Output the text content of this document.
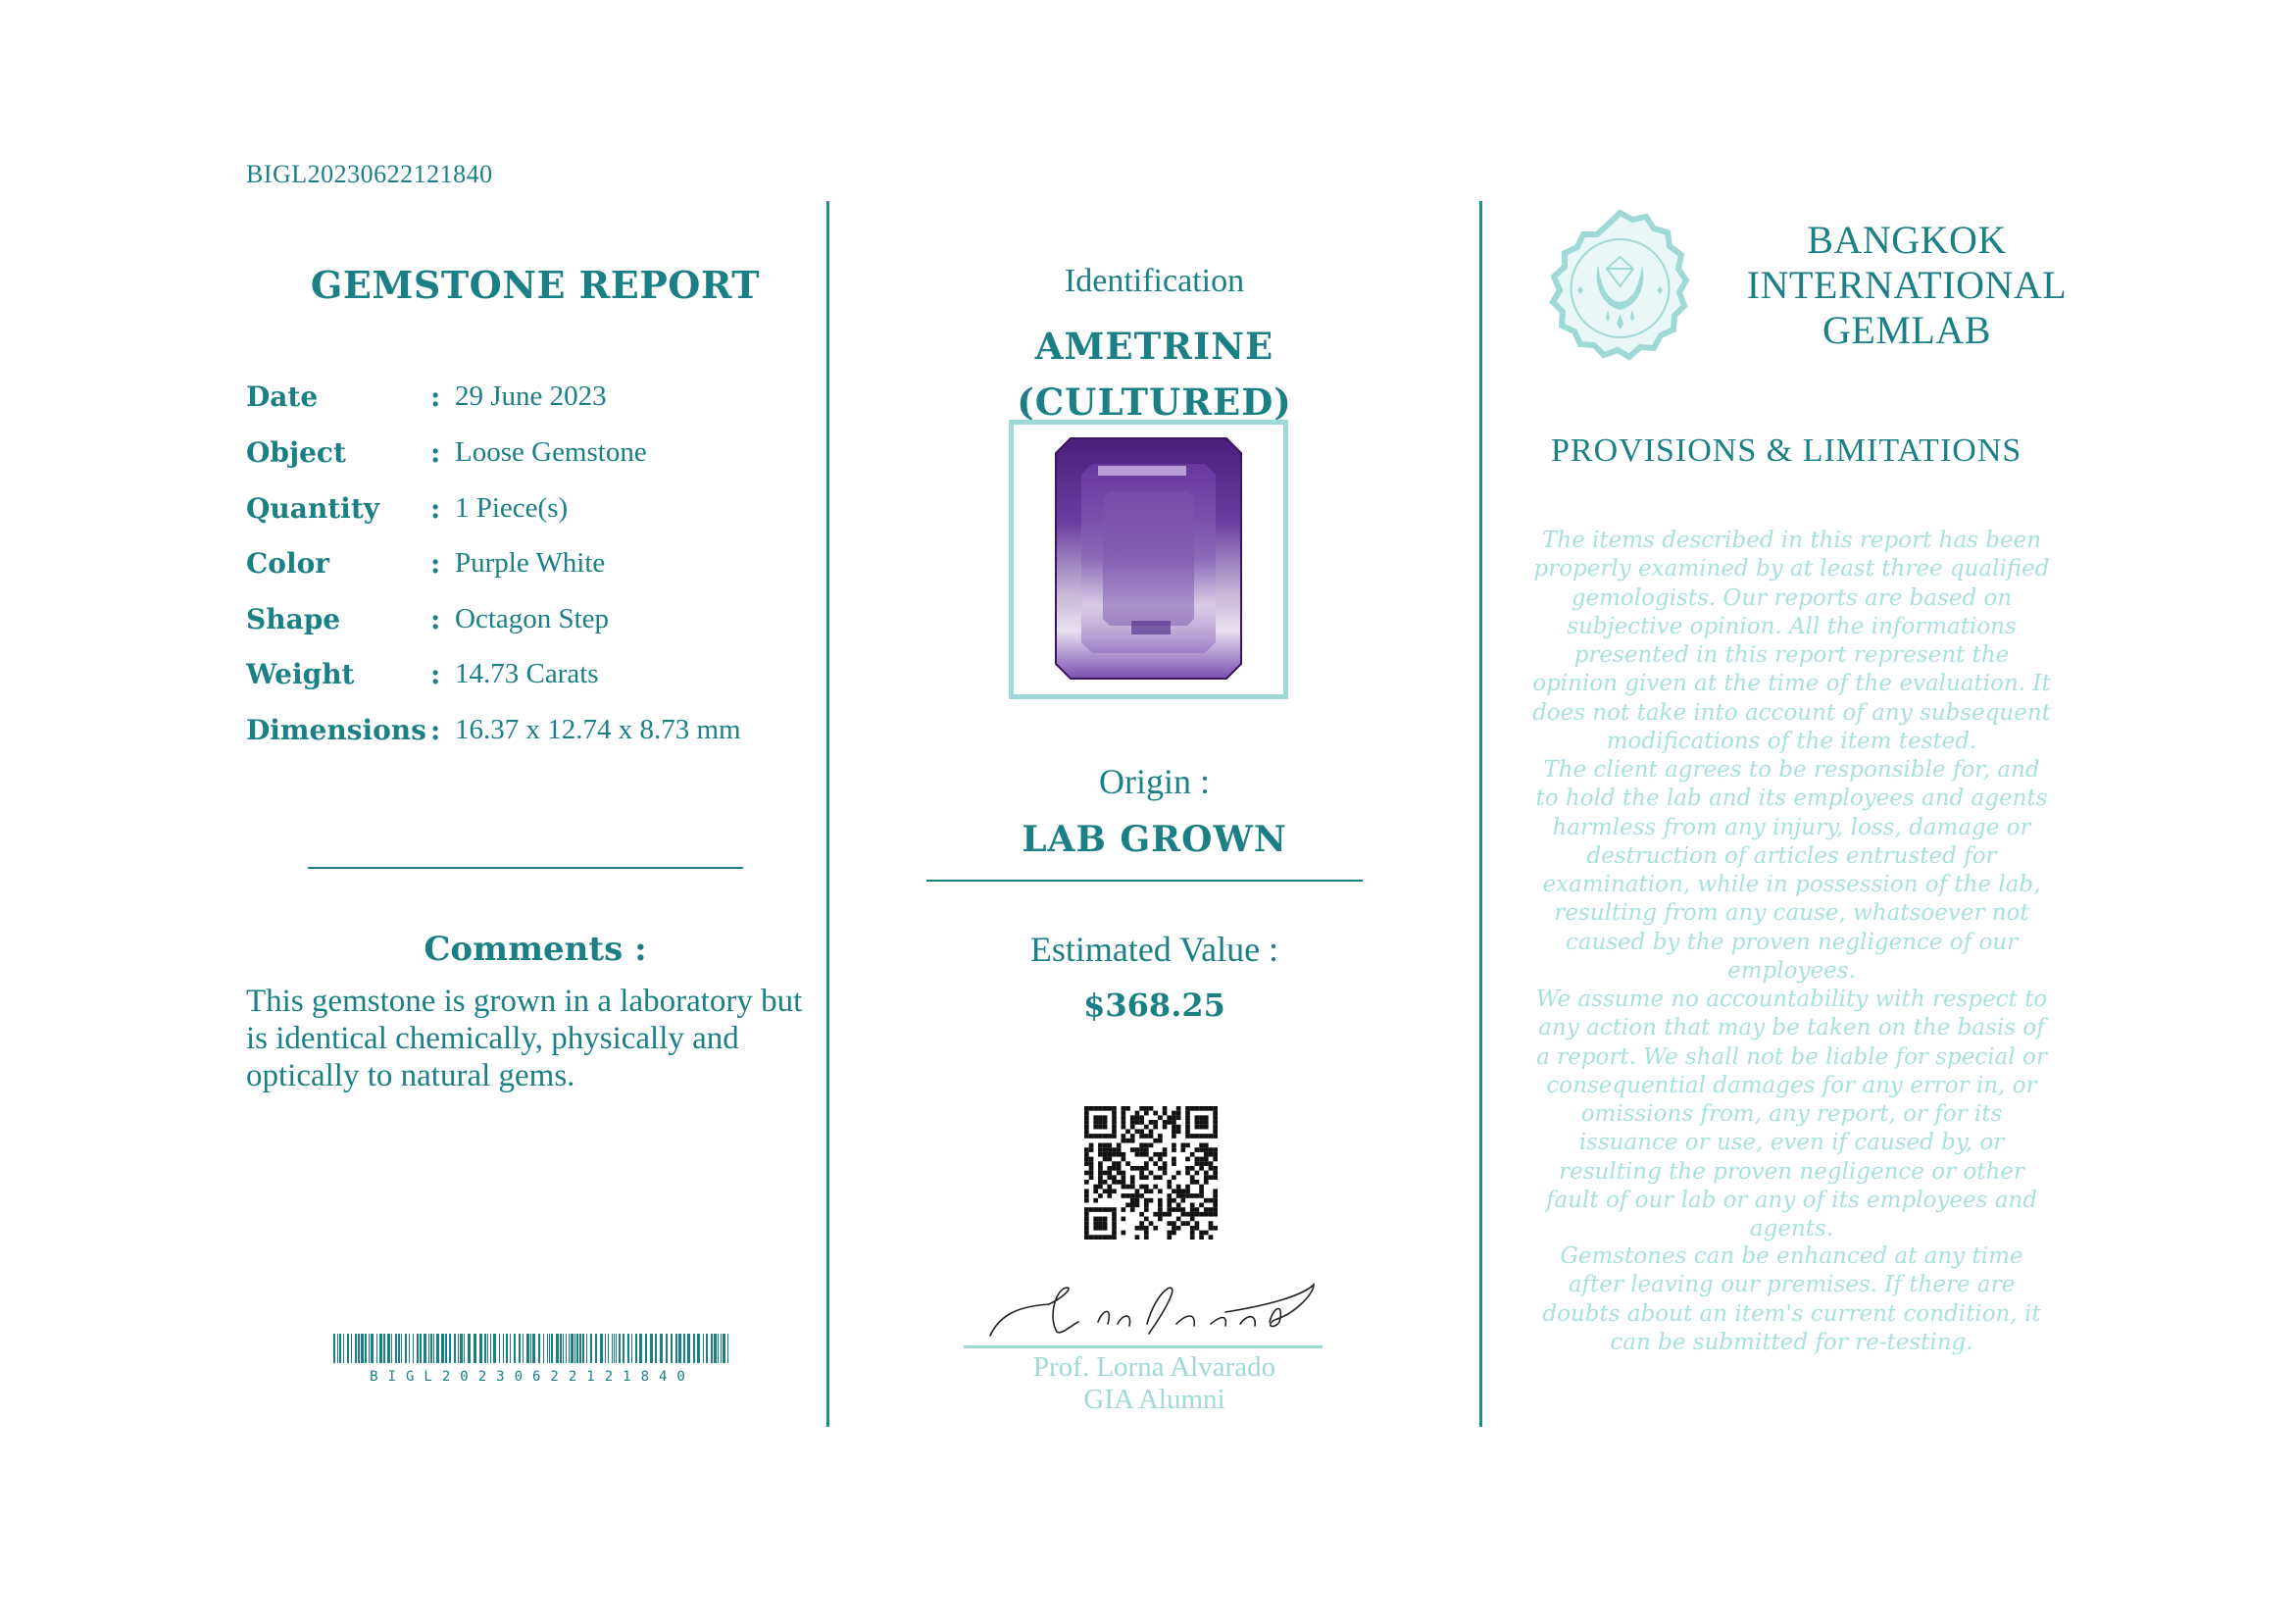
BIGL20230622121840
GEMSTONE REPORT
Date	: 29 June 2023
Object	: Loose Gemstone
Quantity : 1 Piece(s)
Color	: Purple White
Shape	: Octagon Step
Weight	: 14.73 Carats
Dimensions : 16.37 x 12.74 x 8.73 mm
Comments :
This gemstone is grown in a laboratory but is identical chemically, physically and optically to natural gems.
BIGL20230622121840
Identification
AMETRINE
(CULTURED)
Origin :
LAB GROWN
Estimated Value :
$368.25
Prof. Lorna Alvarado
GIA Alumni
BANGKOK
INTERNATIONAL
GEMLAB
PROVISIONS & LIMITATIONS
The items described in this report has been properly examined by at least three qualified gemologists. Our reports are based on subjective opinion. All the informations presented in this report represent the opinion given at the time of the evaluation. It does not take into account of any subsequent modifications of the item tested.
The client agrees to be responsible for, and to hold the lab and its employees and agents harmless from any injury, loss, damage or destruction of articles entrusted for examination, while in possession of the lab, resulting from any cause, whatsoever not caused by the proven negligence of our employees.
We assume no accountability with respect to any action that may be taken on the basis of a report. We shall not be liable for special or consequential damages for any error in, or omissions from, any report, or for its issuance or use, even if caused by, or resulting the proven negligence or other fault of our lab or any of its employees and agents.
Gemstones can be enhanced at any time after leaving our premises. If there are doubts about an item's current condition, it can be submitted for re-testing.
